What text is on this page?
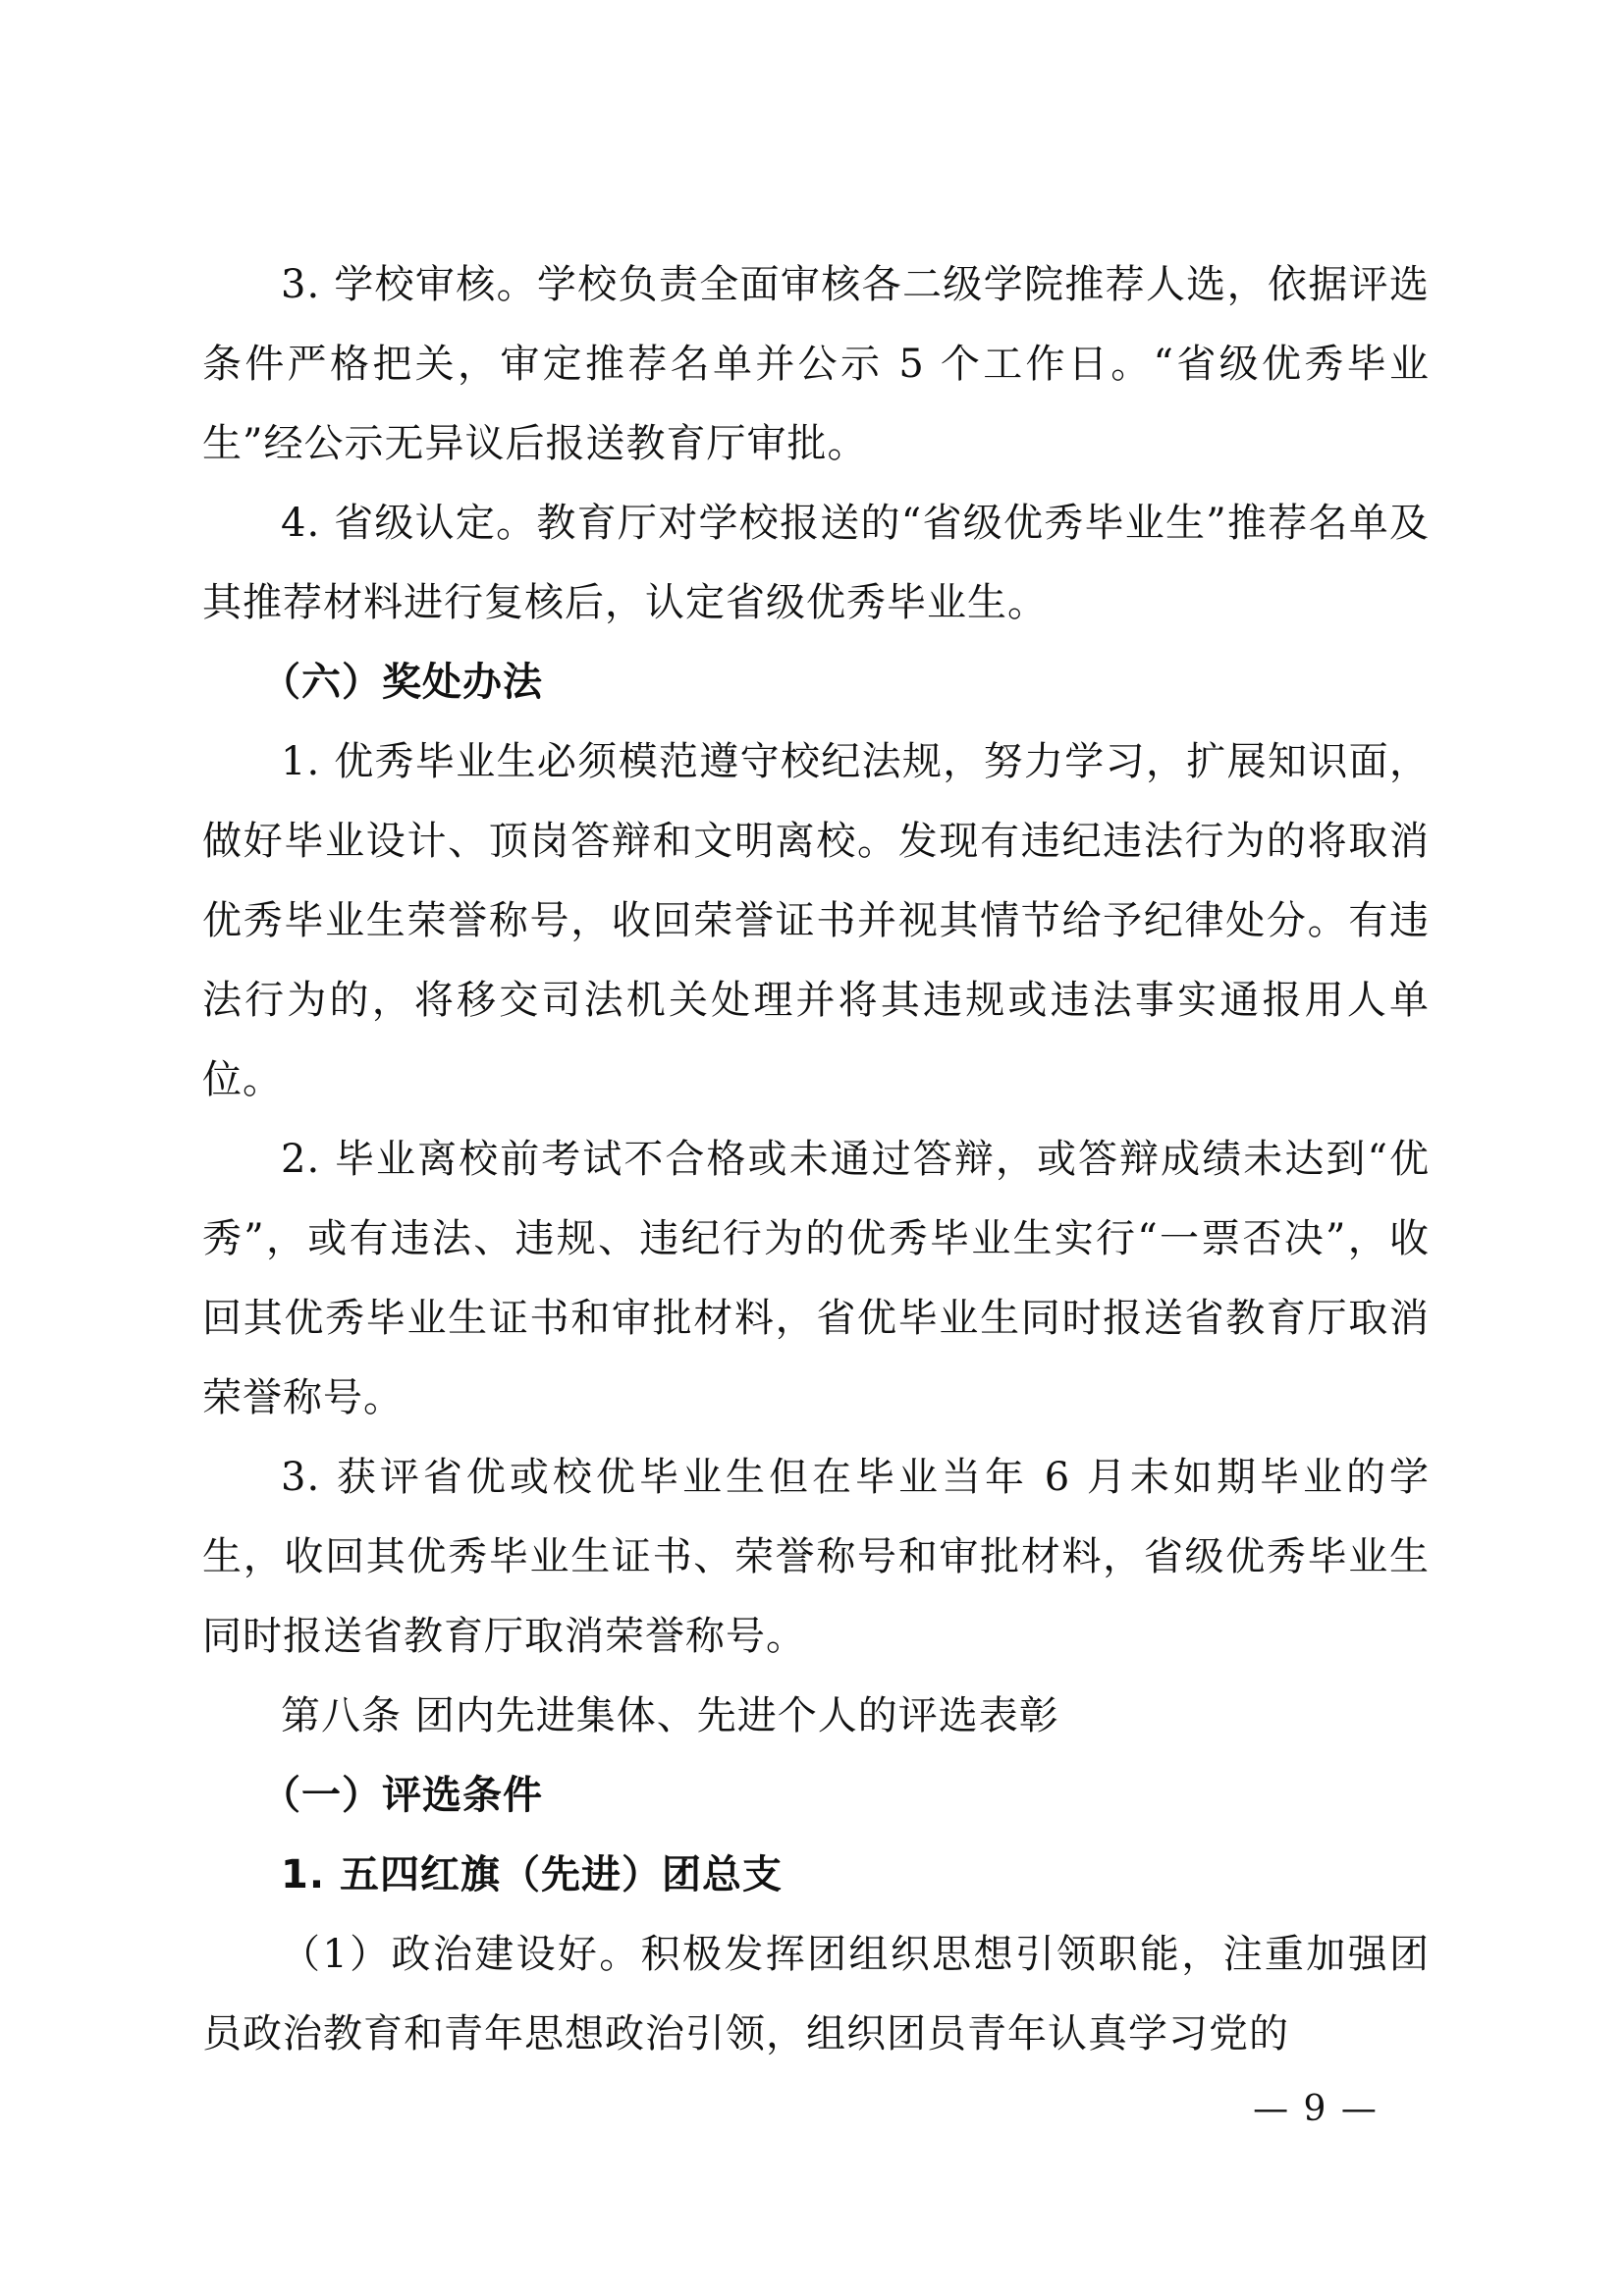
3. 学校审核。学校负责全面审核各二级学院推荐人选，依据评选条件严格把关，审定推荐名单并公示 5 个工作日。“省级优秀毕业生”经公示无异议后报送教育厅审批。

4. 省级认定。教育厅对学校报送的“省级优秀毕业生”推荐名单及其推荐材料进行复核后，认定省级优秀毕业生。

（六）奖处办法

1. 优秀毕业生必须模范遵守校纪法规，努力学习，扩展知识面，做好毕业设计、顶岗答辩和文明离校。发现有违纪违法行为的将取消优秀毕业生荣誉称号，收回荣誉证书并视其情节给予纪律处分。有违法行为的，将移交司法机关处理并将其违规或违法事实通报用人单位。

2. 毕业离校前考试不合格或未通过答辩，或答辩成绩未达到“优秀”，或有违法、违规、违纪行为的优秀毕业生实行“一票否决”，收回其优秀毕业生证书和审批材料，省优毕业生同时报送省教育厅取消荣誉称号。

3. 获评省优或校优毕业生但在毕业当年 6 月未如期毕业的学生，收回其优秀毕业生证书、荣誉称号和审批材料，省级优秀毕业生同时报送省教育厅取消荣誉称号。

第八条 团内先进集体、先进个人的评选表彰

（一）评选条件

1. 五四红旗（先进）团总支

（1）政治建设好。积极发挥团组织思想引领职能，注重加强团员政治教育和青年思想政治引领，组织团员青年认真学习党的

— 9 —
